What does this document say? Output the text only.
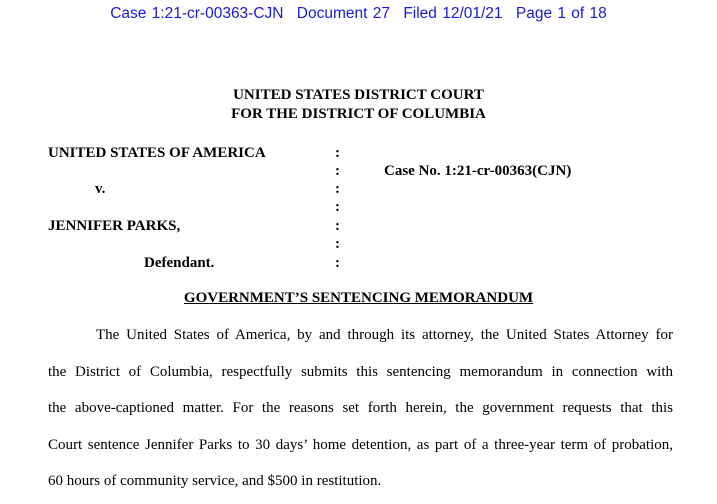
Case 1:21-cr-00363-CJN Document 27 Filed 12/01/21 Page 1 of 18
UNITED STATES DISTRICT COURT
FOR THE DISTRICT OF COLUMBIA
UNITED STATES OF AMERICA
v.
JENNIFER PARKS,
Defendant.
Case No. 1:21-cr-00363(CJN)
:
:
:
:
:
:
:
GOVERNMENT’S SENTENCING MEMORANDUM
The United States of America, by and through its attorney, the United States Attorney for
the District of Columbia, respectfully submits this sentencing memorandum in connection with
the above-captioned matter. For the reasons set forth herein, the government requests that this
Court sentence Jennifer Parks to 30 days’ home detention, as part of a three-year term of probation,
60 hours of community service, and $500 in restitution.
